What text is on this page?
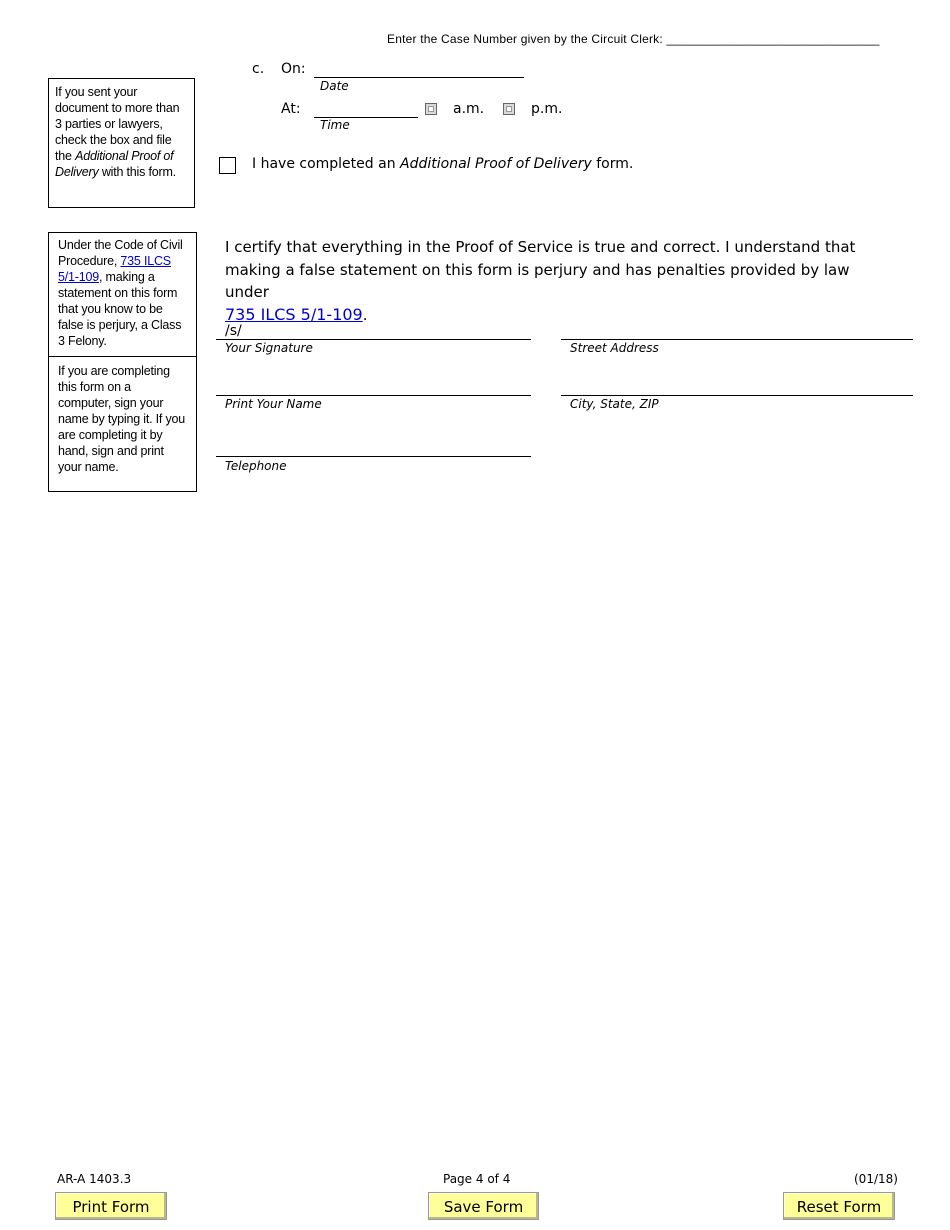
Enter the Case Number given by the Circuit Clerk: _______________________________
If you sent your document to more than 3 parties or lawyers, check the box and file the Additional Proof of Delivery with this form.
c. On:
Date
At:
Time
a.m.	p.m.
I have completed an Additional Proof of Delivery form.
Under the Code of Civil Procedure, 735 ILCS 5/1-109, making a statement on this form that you know to be false is perjury, a Class 3 Felony.
If you are completing this form on a computer, sign your name by typing it. If you are completing it by hand, sign and print your name.
I certify that everything in the Proof of Service is true and correct. I understand that making a false statement on this form is perjury and has penalties provided by law under
735 ILCS 5/1-109.
/s/
Your Signature	Street Address
Print Your Name	City, State, ZIP
Telephone
AR-A 1403.3	Page 4 of 4	(01/18)
Print Form	Save Form	Reset Form
